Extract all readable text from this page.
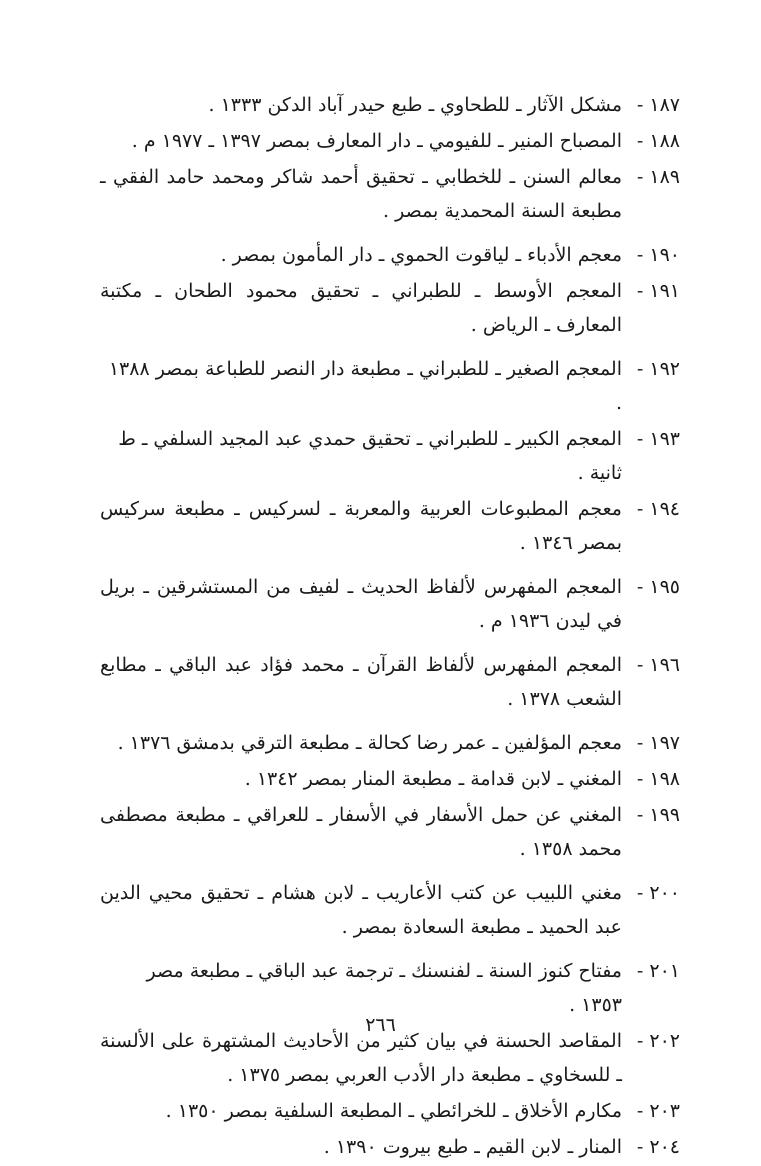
١٨٧ -
مشكل الآثار ـ للطحاوي ـ طبع حيدر آباد الدكن ١٣٣٣ .
١٨٨ -
المصباح المنير ـ للفيومي ـ دار المعارف بمصر ١٣٩٧ ـ ١٩٧٧ م .
١٨٩ -
معالم السنن ـ للخطابي ـ تحقيق أحمد شاكر ومحمد حامد الفقي ـ مطبعة السنة المحمدية بمصر .
١٩٠ -
معجم الأدباء ـ لياقوت الحموي ـ دار المأمون بمصر .
١٩١ -
المعجم الأوسط ـ للطبراني ـ تحقيق محمود الطحان ـ مكتبة المعارف ـ الرياض .
١٩٢ -
المعجم الصغير ـ للطبراني ـ مطبعة دار النصر للطباعة بمصر ١٣٨٨ .
١٩٣ -
المعجم الكبير ـ للطبراني ـ تحقيق حمدي عبد المجيد السلفي ـ ط ثانية .
١٩٤ -
معجم المطبوعات العربية والمعربة ـ لسركيس ـ مطبعة سركيس بمصر ١٣٤٦ .
١٩٥ -
المعجم المفهرس لألفاظ الحديث ـ لفيف من المستشرقين ـ بريل في ليدن ١٩٣٦ م .
١٩٦ -
المعجم المفهرس لألفاظ القرآن ـ محمد فؤاد عبد الباقي ـ مطابع الشعب ١٣٧٨ .
١٩٧ -
معجم المؤلفين ـ عمر رضا كحالة ـ مطبعة الترقي بدمشق ١٣٧٦ .
١٩٨ -
المغني ـ لابن قدامة ـ مطبعة المنار بمصر ١٣٤٢ .
١٩٩ -
المغني عن حمل الأسفار في الأسفار ـ للعراقي ـ مطبعة مصطفى محمد ١٣٥٨ .
٢٠٠ -
مغني اللبيب عن كتب الأعاريب ـ لابن هشام ـ تحقيق محيي الدين عبد الحميد ـ مطبعة السعادة بمصر .
٢٠١ -
مفتاح كنوز السنة ـ لفنسنك ـ ترجمة عبد الباقي ـ مطبعة مصر ١٣٥٣ .
٢٠٢ -
المقاصد الحسنة في بيان كثير من الأحاديث المشتهرة على الألسنة ـ للسخاوي ـ مطبعة دار الأدب العربي بمصر ١٣٧٥ .
٢٠٣ -
مكارم الأخلاق ـ للخرائطي ـ المطبعة السلفية بمصر ١٣٥٠ .
٢٠٤ -
المنار ـ لابن القيم ـ طبع بيروت ١٣٩٠ .
٢٦٦
